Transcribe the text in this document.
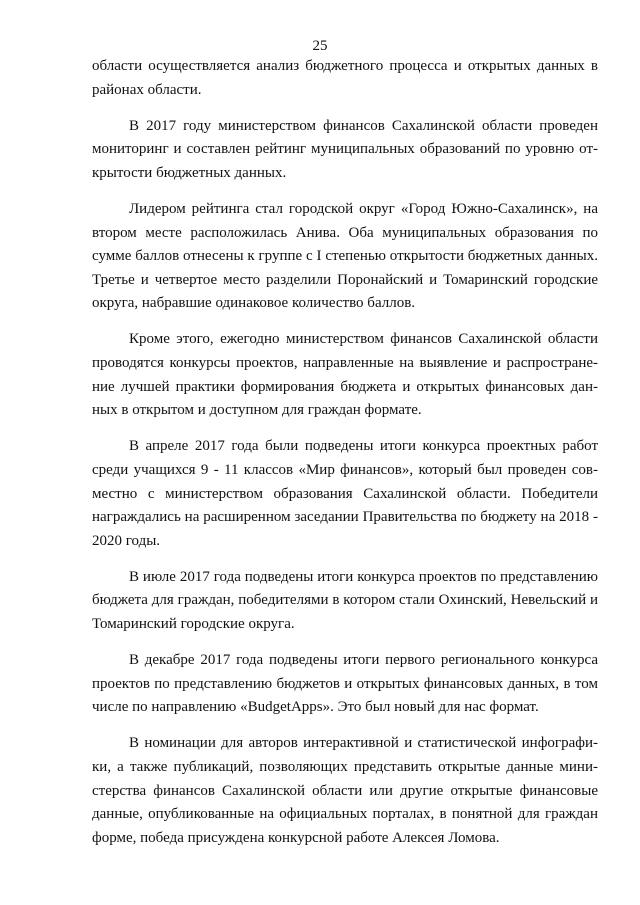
25

области осуществляется анализ бюджетного процесса и открытых данных в районах области.

В 2017 году министерством финансов Сахалинской области проведен мониторинг и составлен рейтинг муниципальных образований по уровню открытости бюджетных данных.

Лидером рейтинга стал городской округ «Город Южно-Сахалинск», на втором месте расположилась Анива. Оба муниципальных образования по сумме баллов отнесены к группе с I степенью открытости бюджетных данных. Третье и четвертое место разделили Поронайский и Томаринский городские округа, набравшие одинаковое количество баллов.

Кроме этого, ежегодно министерством финансов Сахалинской области проводятся конкурсы проектов, направленные на выявление и распространение лучшей практики формирования бюджета и открытых финансовых данных в открытом и доступном для граждан формате.

В апреле 2017 года были подведены итоги конкурса проектных работ среди учащихся 9 - 11 классов «Мир финансов», который был проведен совместно с министерством образования Сахалинской области. Победители награждались на расширенном заседании Правительства по бюджету на 2018 - 2020 годы.

В июле 2017 года подведены итоги конкурса проектов по представлению бюджета для граждан, победителями в котором стали Охинский, Невельский и Томаринский городские округа.

В декабре 2017 года подведены итоги первого регионального конкурса проектов по представлению бюджетов и открытых финансовых данных, в том числе по направлению «BudgetApps». Это был новый для нас формат.

В номинации для авторов интерактивной и статистической инфографики, а также публикаций, позволяющих представить открытые данные министерства финансов Сахалинской области или другие открытые финансовые данные, опубликованные на официальных порталах, в понятной для граждан форме, победа присуждена конкурсной работе Алексея Ломова.
